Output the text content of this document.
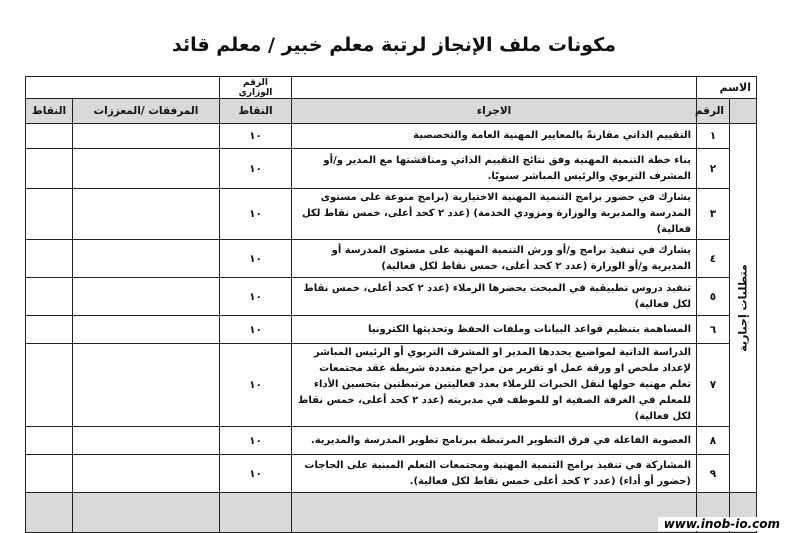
مكونات ملف الإنجاز لرتبة معلم خبير / معلم قائد
الاسم			الرقم الوزاري		
	الرقم	الاجراء	النقاط	المرفقات /المعززات	النقاط

متطلبات إجبارية	١	التقييم الذاتي مقارنةً بالمعايير المهنية العامة والتخصصية	١٠		
	٢	بناء خطة التنمية المهنية وفق نتائج التقييم الذاتي ومناقشتها مع المدير و/أو المشرف التربوي والرئيس المباشر سنويًا.	١٠		
	٣	يشارك في حضور برامج التنمية المهنية الاختيارية (برامج منوعة على مستوى المدرسة والمديرية والوزارة ومزودي الخدمة) (عدد ٢ كحد أعلى، خمس نقاط لكل فعالية)	١٠		
	٤	يشارك في تنفيذ برامج و/أو ورش التنمية المهنية على مستوى المدرسة أو المديرية و/أو الوزارة (عدد ٢ كحد أعلى، خمس نقاط لكل فعالية)	١٠		
	٥	تنفيذ دروس تطبيقية في المبحث يحضرها الزملاء (عدد ٢ كحد أعلى، خمس نقاط لكل فعالية)	١٠		
	٦	المساهمة بتنظيم قواعد البيانات وملفات الحفظ وتحديثها الكترونيا	١٠		
	٧	الدراسة الذاتية لمواضيع يحددها المدير او المشرف التربوي أو الرئيس المباشر لإعداد ملخص او ورقة عمل او تقرير من مراجع متعددة شريطة عقد مجتمعات تعلم مهنية حولها لنقل الخبرات للزملاء بعدد فعاليتين مرتبطتين بتحسين الأداء للمعلم في الغرفة الصفية او للموظف في مديريته (عدد ٢ كحد أعلى، خمس نقاط لكل فعالية)	١٠		
	٨	العضوية الفاعلة في فرق التطوير المرتبطة ببرنامج تطوير المدرسة والمديرية.	١٠		
	٩	المشاركة في تنفيذ برامج التنمية المهنية ومجتمعات التعلم المبنية على الحاجات (حضور أو أداء) (عدد ٢ كحد أعلى خمس نقاط لكل فعالية).	١٠		

www.inob-io.com
